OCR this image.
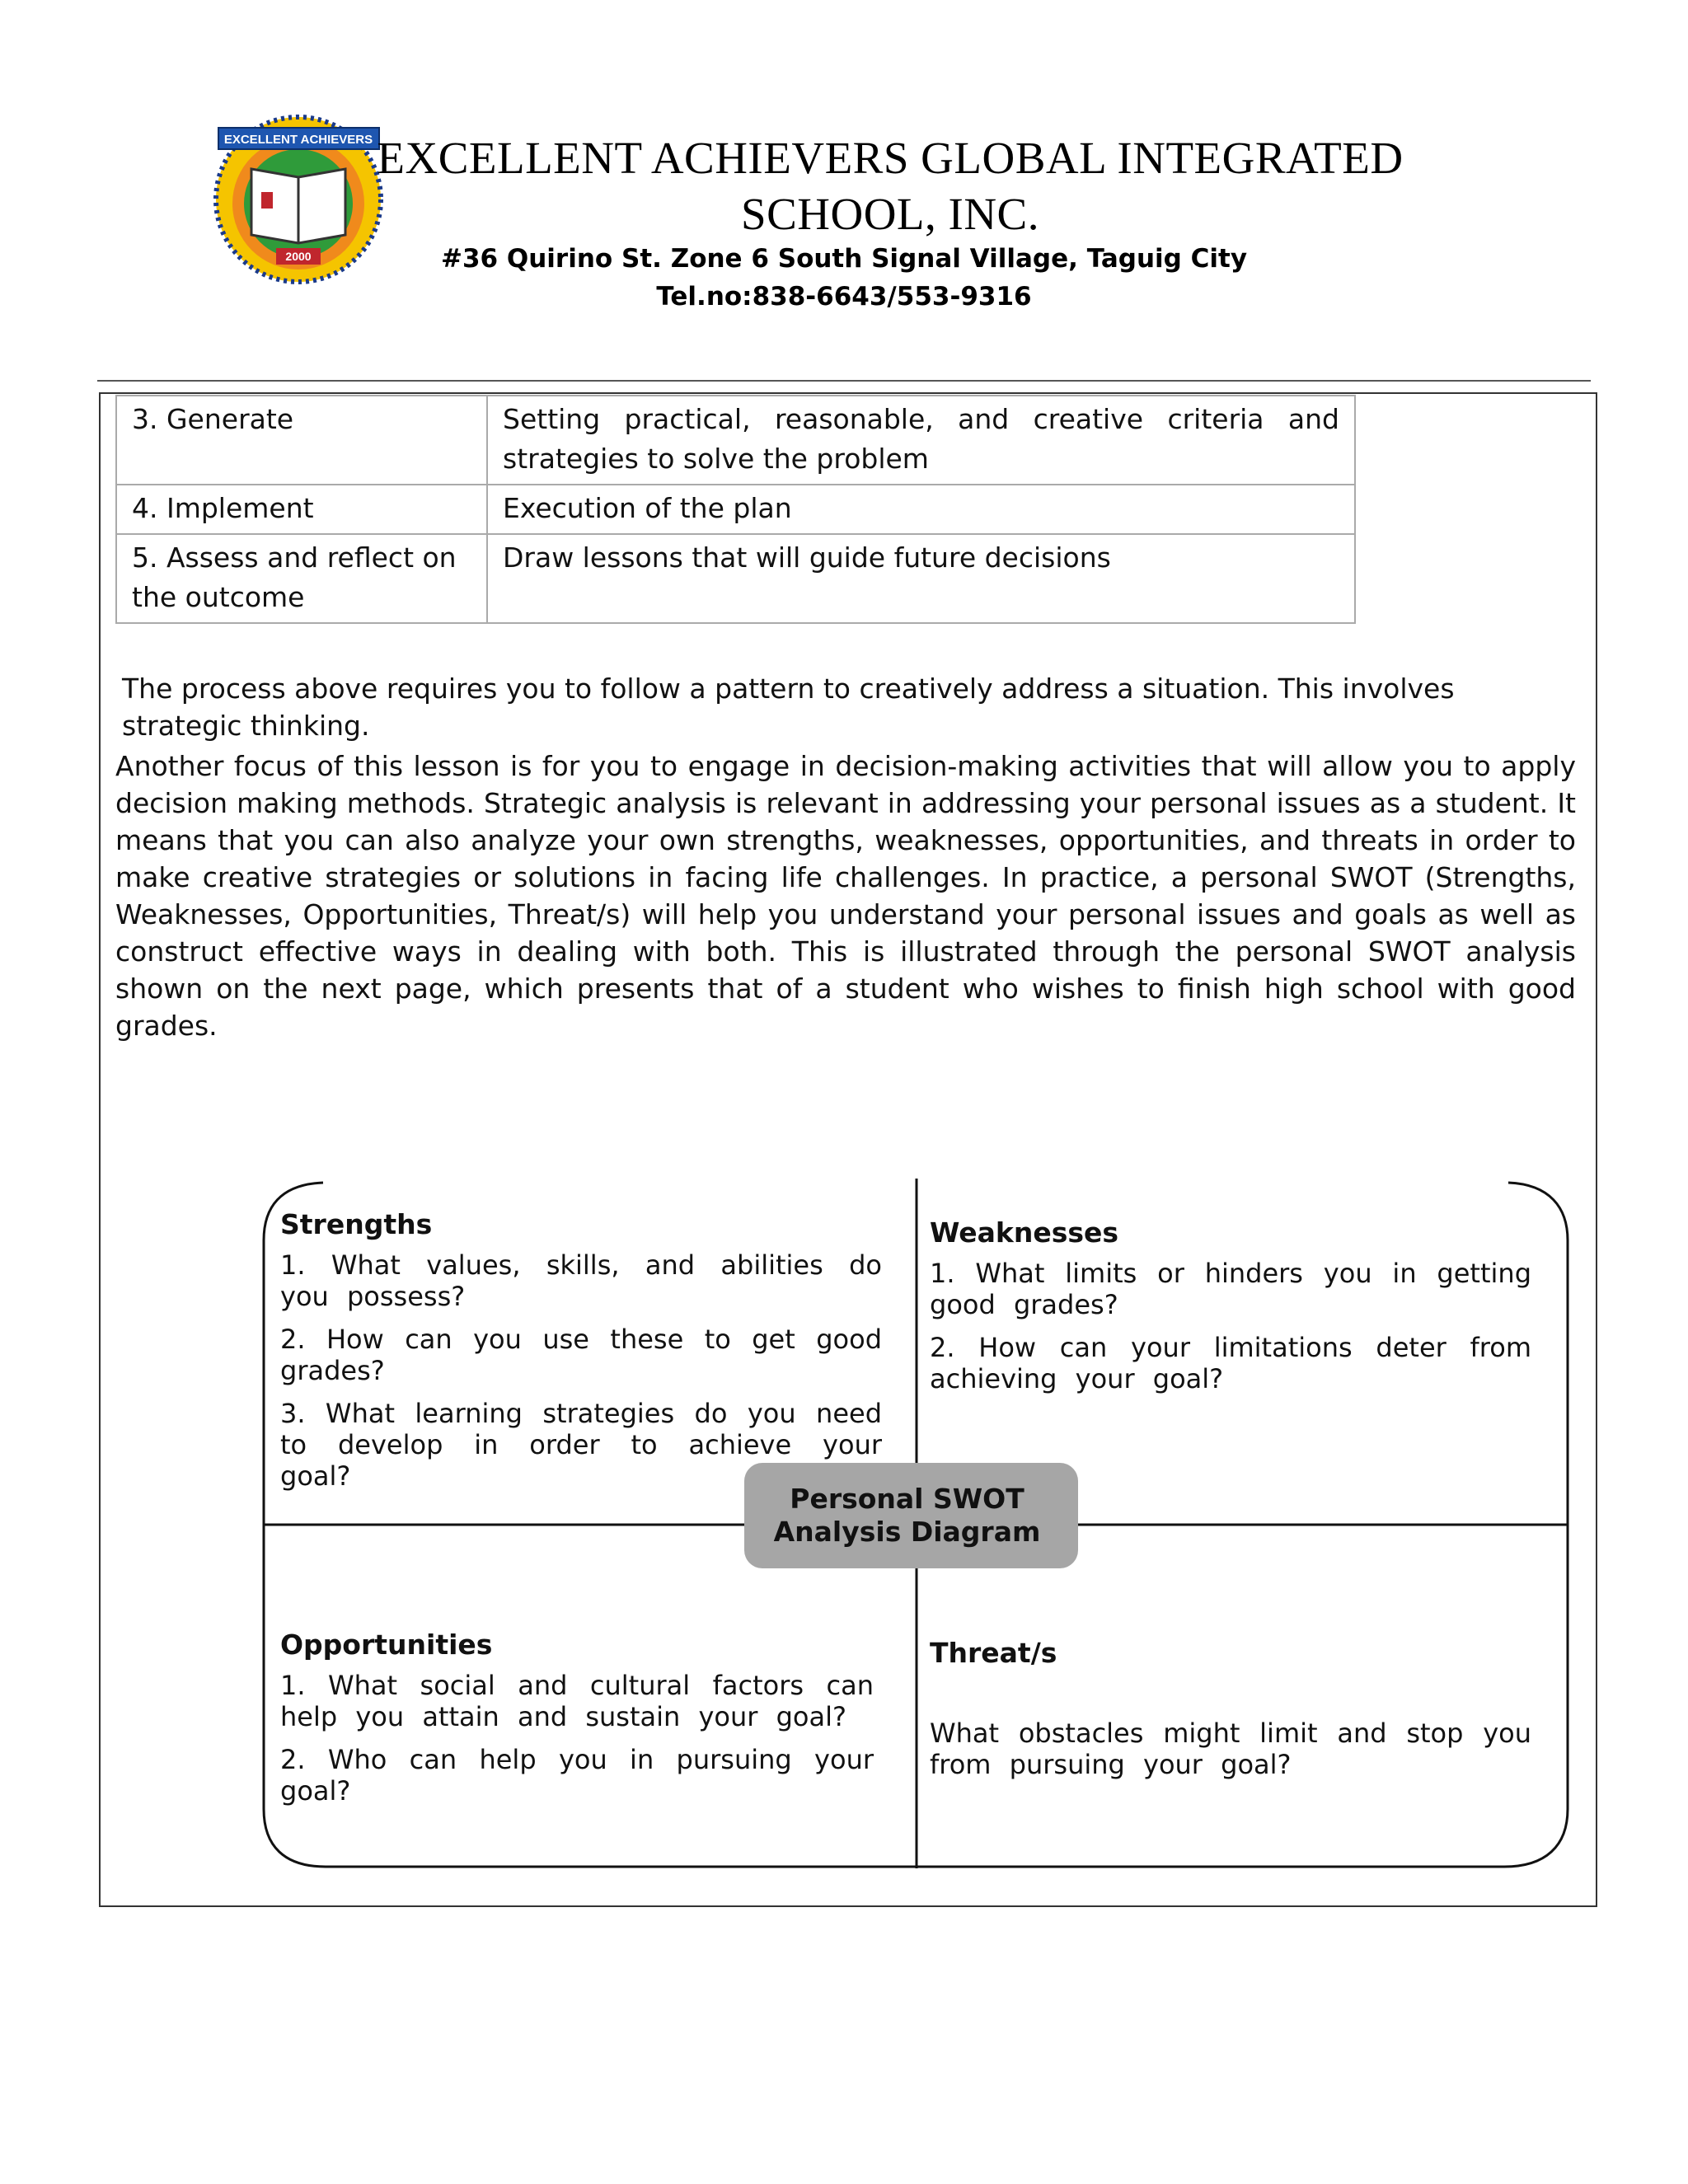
EXCELLENT ACHIEVERS
2000
EXCELLENT ACHIEVERS GLOBAL INTEGRATED
SCHOOL, INC.
#36 Quirino St. Zone 6 South Signal Village, Taguig City
Tel.no:838-6643/553-9316
3. Generate	Setting practical, reasonable, and creative criteria and strategies to solve the problem
4. Implement	Execution of the plan
5. Assess and reflect on the outcome	Draw lessons that will guide future decisions

The process above requires you to follow a pattern to creatively address a situation. This involves strategic thinking.

Another focus of this lesson is for you to engage in decision-making activities that will allow you to apply decision making methods. Strategic analysis is relevant in addressing your personal issues as a student. It means that you can also analyze your own strengths, weaknesses, opportunities, and threats in order to make creative strategies or solutions in facing life challenges. In practice, a personal SWOT (Strengths, Weaknesses, Opportunities, Threat/s) will help you understand your personal issues and goals as well as construct effective ways in dealing with both. This is illustrated through the personal SWOT analysis shown on the next page, which presents that of a student who wishes to finish high school with good grades.

Strengths
1. What values, skills, and abilities do you possess?
2. How can you use these to get good grades?
3. What learning strategies do you need to develop in order to achieve your goal?
Weaknesses
1. What limits or hinders you in getting good grades?
2. How can your limitations deter from achieving your goal?
Opportunities
1. What social and cultural factors can help you attain and sustain your goal?
2. Who can help you in pursuing your goal?
Threat/s
What obstacles might limit and stop you from pursuing your goal?
Personal SWOT Analysis Diagram
